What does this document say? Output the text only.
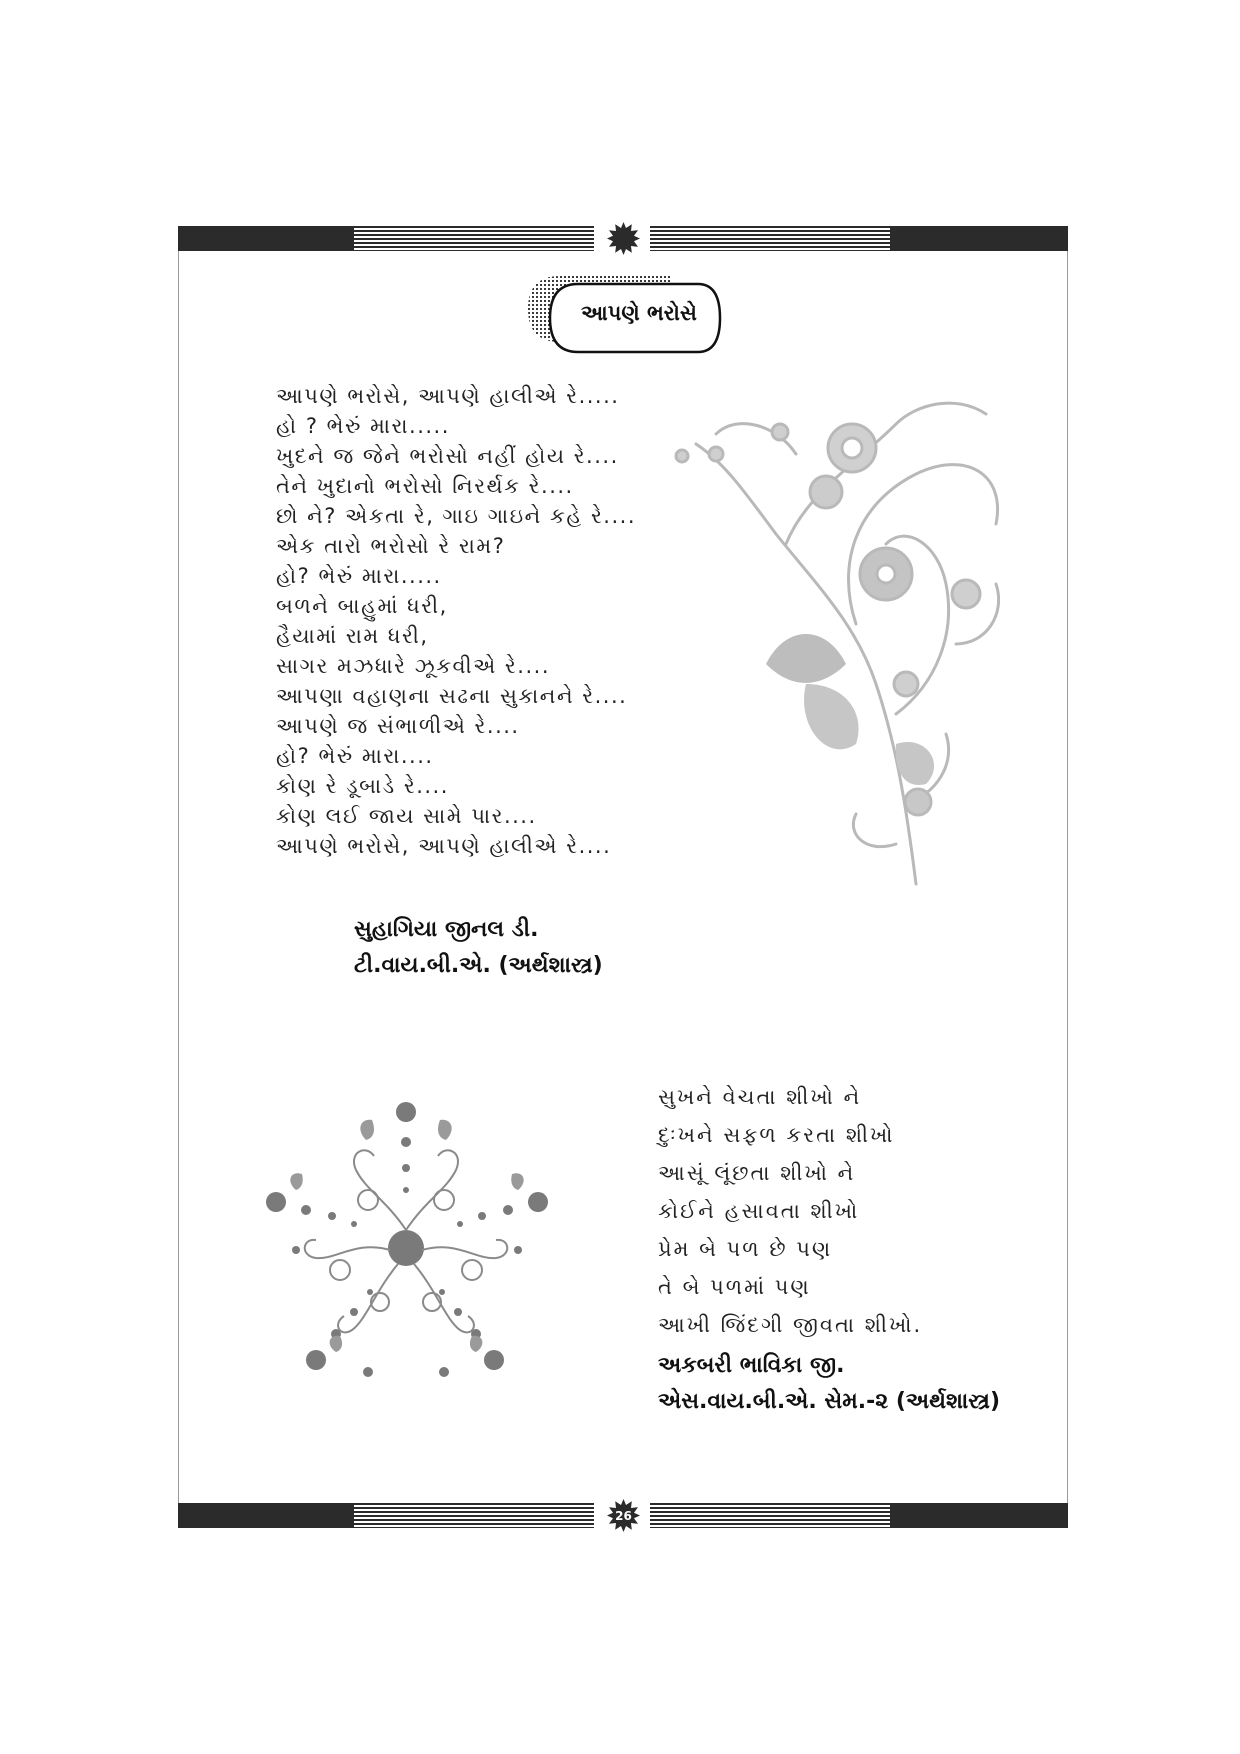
આપણે ભરોસે
આપણે ભરોસે, આપણે હાલીએ રે.....
હો ? ભેરું મારા.....
ખુદને જ જેને ભરોસો નહીં હોય રે....
તેને ખુદાનો ભરોસો નિરર્થક રે....
છો ને? એકતા રે, ગાઇ ગાઇને કહે રે....
એક તારો ભરોસો રે રામ?
હો? ભેરું મારા.....
બળને બાહુમાં ધરી,
હૈયામાં રામ ધરી,
સાગર મઝધારે ઝૂકવીએ રે....
આપણા વહાણના સઢના સુકાનને રે....
આપણે જ સંભાળીએ રે....
હો? ભેરું મારા....
કોણ રે ડૂબાડે રે....
કોણ લઈ જાય સામે પાર....
આપણે ભરોસે, આપણે હાલીએ રે....
સુહાગિયા જીનલ ડી.
ટી.વાય.બી.એ. (અર્થશાસ્ત્ર)
સુખને વેચતા શીખો ને
દુઃખને સફળ કરતા શીખો
આસૂં લૂંછતા શીખો ને
કોઈને હસાવતા શીખો
પ્રેમ બે પળ છે પણ
તે બે પળમાં પણ
આખી જિંદગી જીવતા શીખો.
અકબરી ભાવિકા જી.
એસ.વાય.બી.એ. સેમ.-૨ (અર્થશાસ્ત્ર)
26
